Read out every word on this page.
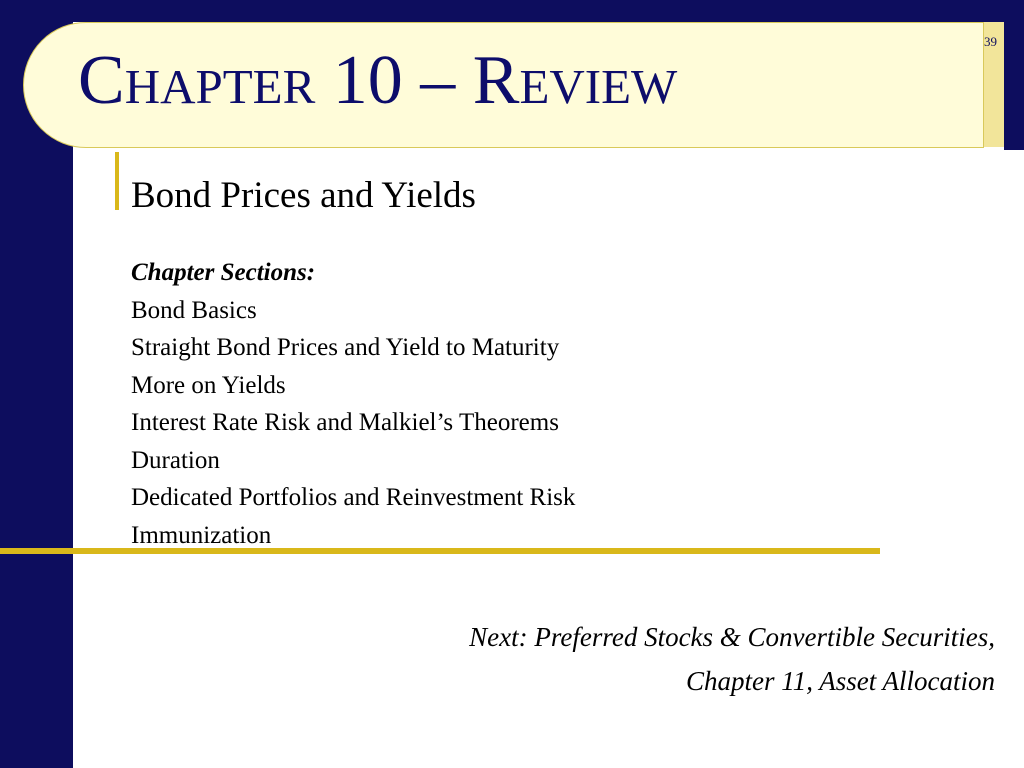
Chapter 10 – Review
39
Bond Prices and Yields
Chapter Sections:
Bond Basics
Straight Bond Prices and Yield to Maturity
More on Yields
Interest Rate Risk and Malkiel’s Theorems
Duration
Dedicated Portfolios and Reinvestment Risk
Immunization
Next: Preferred Stocks & Convertible Securities,
Chapter 11, Asset Allocation
